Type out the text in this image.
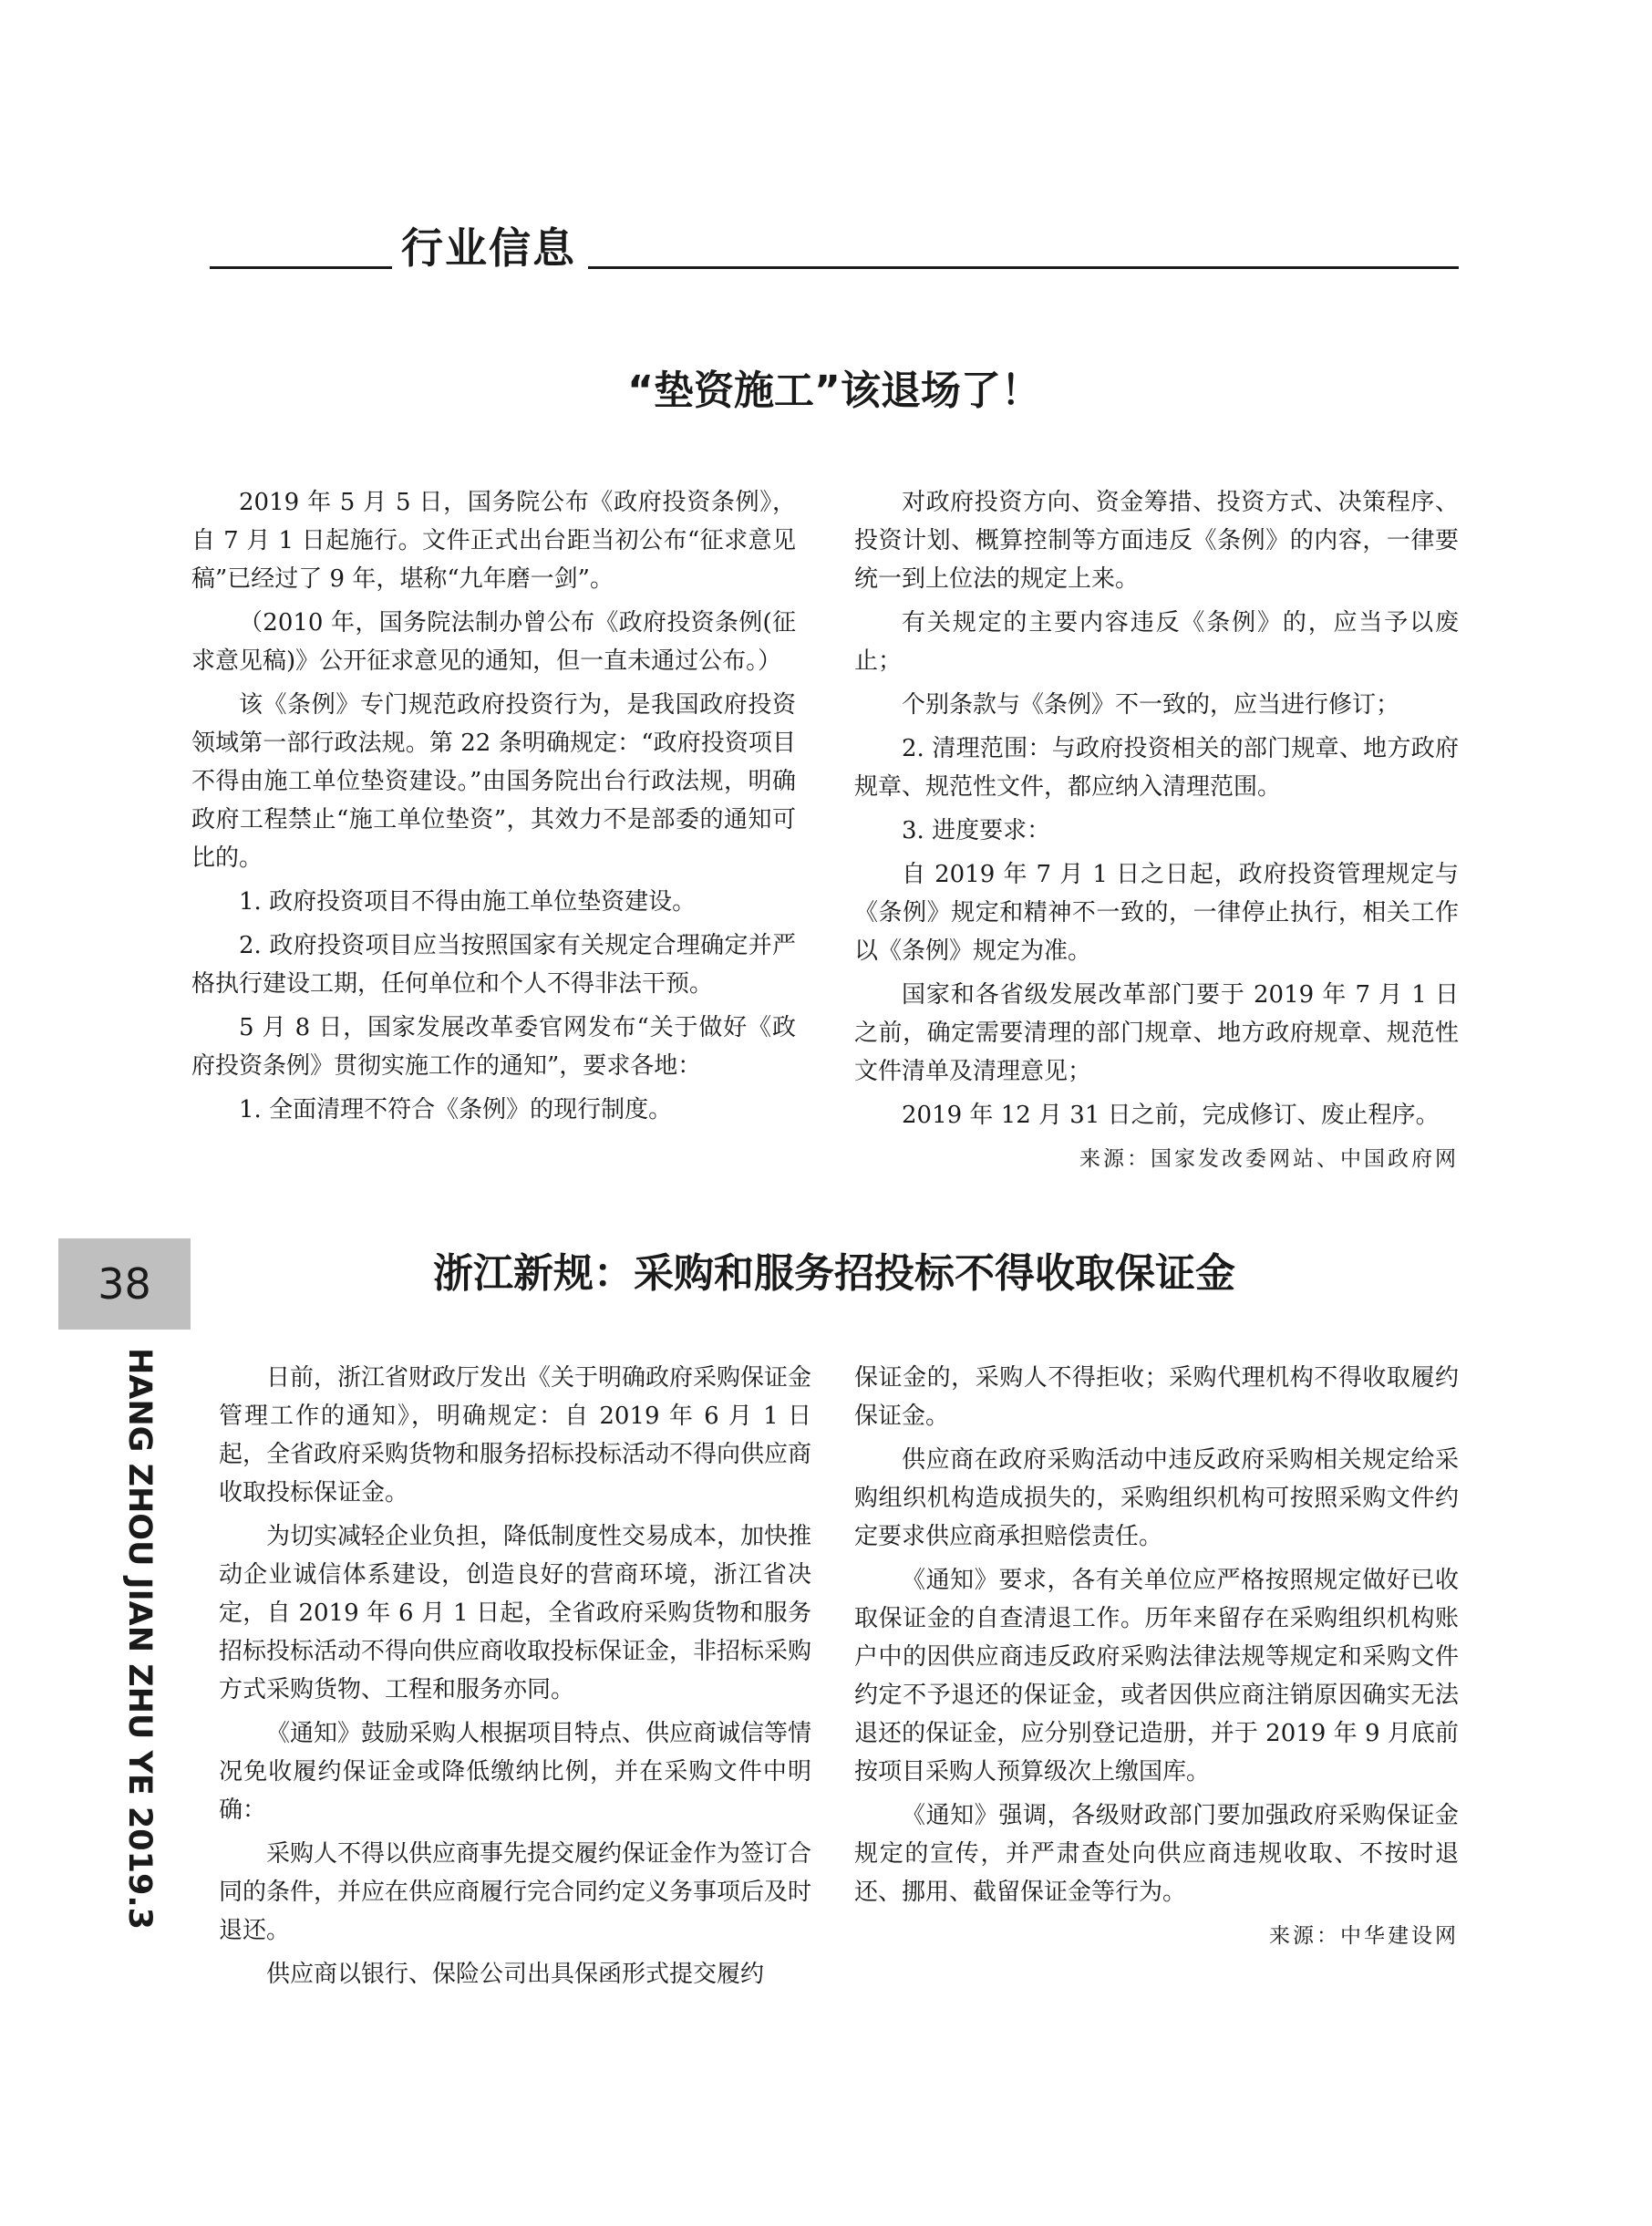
行业信息
“垫资施工”该退场了！

2019 年 5 月 5 日，国务院公布《政府投资条例》，自 7 月 1 日起施行。文件正式出台距当初公布“征求意见稿”已经过了 9 年，堪称“九年磨一剑”。

（2010 年，国务院法制办曾公布《政府投资条例(征求意见稿)》公开征求意见的通知，但一直未通过公布。）

该《条例》专门规范政府投资行为，是我国政府投资领域第一部行政法规。第 22 条明确规定：“政府投资项目不得由施工单位垫资建设。”由国务院出台行政法规，明确政府工程禁止“施工单位垫资”，其效力不是部委的通知可比的。

1. 政府投资项目不得由施工单位垫资建设。

2. 政府投资项目应当按照国家有关规定合理确定并严格执行建设工期，任何单位和个人不得非法干预。

5 月 8 日，国家发展改革委官网发布“关于做好《政府投资条例》贯彻实施工作的通知”，要求各地：

1. 全面清理不符合《条例》的现行制度。

对政府投资方向、资金筹措、投资方式、决策程序、投资计划、概算控制等方面违反《条例》的内容，一律要统一到上位法的规定上来。

有关规定的主要内容违反《条例》的，应当予以废止；

个别条款与《条例》不一致的，应当进行修订；

2. 清理范围：与政府投资相关的部门规章、地方政府规章、规范性文件，都应纳入清理范围。

3. 进度要求：

自 2019 年 7 月 1 日之日起，政府投资管理规定与《条例》规定和精神不一致的，一律停止执行，相关工作以《条例》规定为准。

国家和各省级发展改革部门要于 2019 年 7 月 1 日之前，确定需要清理的部门规章、地方政府规章、规范性文件清单及清理意见；

2019 年 12 月 31 日之前，完成修订、废止程序。

来源：国家发改委网站、中国政府网

38
HANG ZHOU JIAN ZHU YE 2019.3
浙江新规：采购和服务招投标不得收取保证金

日前，浙江省财政厅发出《关于明确政府采购保证金管理工作的通知》，明确规定：自 2019 年 6 月 1 日起，全省政府采购货物和服务招标投标活动不得向供应商收取投标保证金。

为切实减轻企业负担，降低制度性交易成本，加快推动企业诚信体系建设，创造良好的营商环境，浙江省决定，自 2019 年 6 月 1 日起，全省政府采购货物和服务招标投标活动不得向供应商收取投标保证金，非招标采购方式采购货物、工程和服务亦同。

《通知》鼓励采购人根据项目特点、供应商诚信等情况免收履约保证金或降低缴纳比例，并在采购文件中明确：

采购人不得以供应商事先提交履约保证金作为签订合同的条件，并应在供应商履行完合同约定义务事项后及时退还。

供应商以银行、保险公司出具保函形式提交履约

保证金的，采购人不得拒收；采购代理机构不得收取履约保证金。

供应商在政府采购活动中违反政府采购相关规定给采购组织机构造成损失的，采购组织机构可按照采购文件约定要求供应商承担赔偿责任。

《通知》要求，各有关单位应严格按照规定做好已收取保证金的自查清退工作。历年来留存在采购组织机构账户中的因供应商违反政府采购法律法规等规定和采购文件约定不予退还的保证金，或者因供应商注销原因确实无法退还的保证金，应分别登记造册，并于 2019 年 9 月底前按项目采购人预算级次上缴国库。

《通知》强调，各级财政部门要加强政府采购保证金规定的宣传，并严肃查处向供应商违规收取、不按时退还、挪用、截留保证金等行为。

来源：中华建设网
